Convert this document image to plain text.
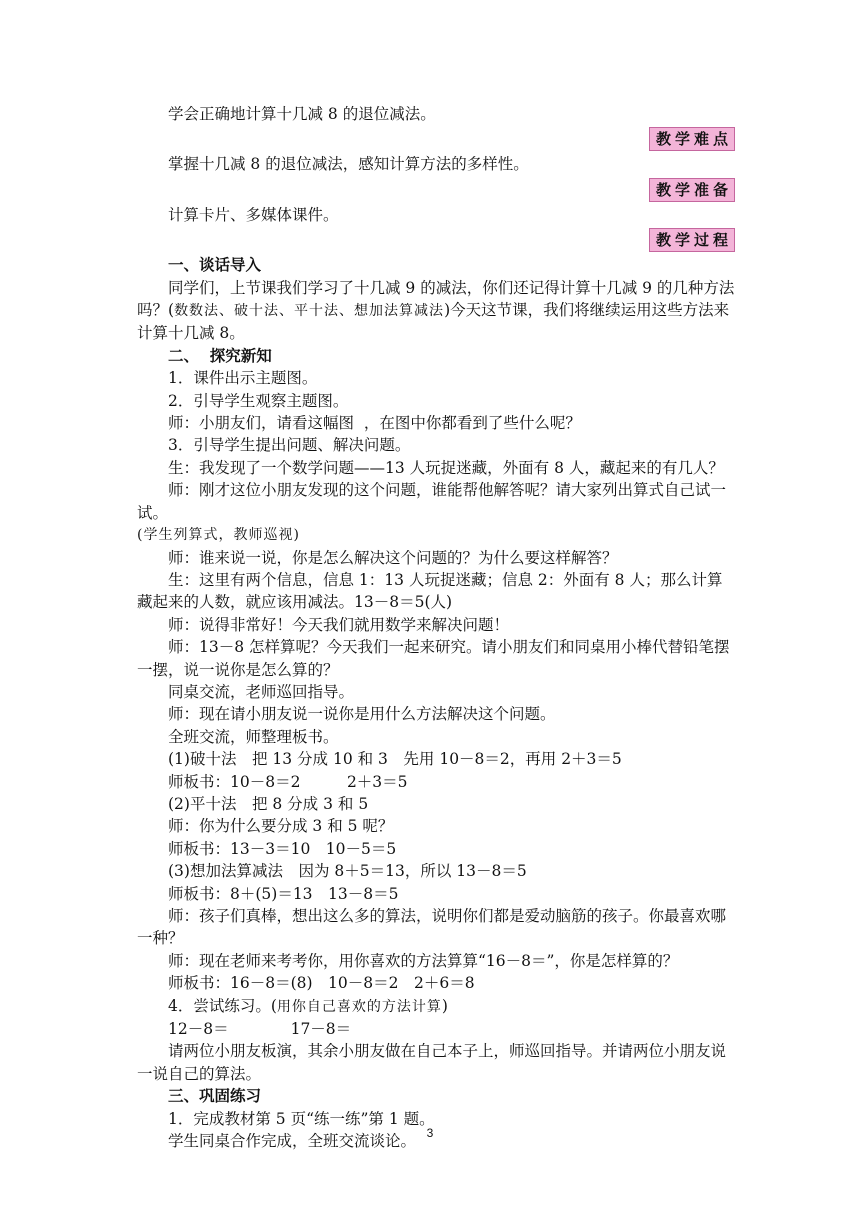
学会正确地计算十几减 8 的退位减法。

教学难点

掌握十几减 8 的退位减法，感知计算方法的多样性。

教学准备

计算卡片、多媒体课件。

教学过程

一、谈话导入

同学们，上节课我们学习了十几减 9 的减法，你们还记得计算十几减 9 的几种方法吗？(数数法、破十法、平十法、想加法算减法)今天这节课，我们将继续运用这些方法来计算十几减 8。

二、  探究新知

1．课件出示主题图。

2．引导学生观察主题图。

师：小朋友们，请看这幅图  ，在图中你都看到了些什么呢？

3．引导学生提出问题、解决问题。

生：我发现了一个数学问题——13 人玩捉迷藏，外面有 8 人，藏起来的有几人？

师：刚才这位小朋友发现的这个问题，谁能帮他解答呢？请大家列出算式自己试一试。

(学生列算式，教师巡视)

师：谁来说一说，你是怎么解决这个问题的？为什么要这样解答？

生：这里有两个信息，信息 1：13 人玩捉迷藏；信息 2：外面有 8 人；那么计算藏起来的人数，就应该用减法。13－8＝5(人)

师：说得非常好！今天我们就用数学来解决问题！

师：13－8 怎样算呢？今天我们一起来研究。请小朋友们和同桌用小棒代替铅笔摆一摆，说一说你是怎么算的？

同桌交流，老师巡回指导。

师：现在请小朋友说一说你是用什么方法解决这个问题。

全班交流，师整理板书。

(1)破十法　把 13 分成 10 和 3　先用 10－8＝2，再用 2＋3＝5

师板书：10－8＝2　　　2＋3＝5

(2)平十法　把 8 分成 3 和 5

师：你为什么要分成 3 和 5 呢？

师板书：13－3＝10　10－5＝5

(3)想加法算减法　因为 8＋5＝13，所以 13－8＝5

师板书：8＋(5)＝13　13－8＝5

师：孩子们真棒，想出这么多的算法，说明你们都是爱动脑筋的孩子。你最喜欢哪一种？

师：现在老师来考考你，用你喜欢的方法算算“16－8＝”，你是怎样算的？

师板书：16－8＝(8)　10－8＝2　2＋6＝8

4．尝试练习。(用你自己喜欢的方法计算)

12－8＝　　　　17－8＝

请两位小朋友板演，其余小朋友做在自己本子上，师巡回指导。并请两位小朋友说一说自己的算法。

三、巩固练习

1．完成教材第 5 页“练一练”第 1 题。

学生同桌合作完成，全班交流谈论。 3
